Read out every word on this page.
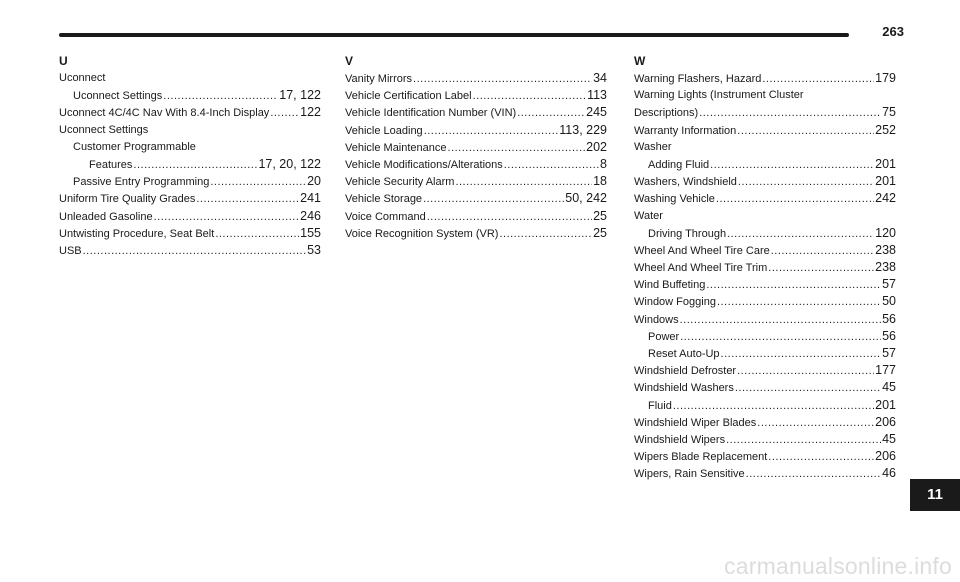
263
U
Uconnect
Uconnect Settings .....	17, 122
Uconnect 4C/4C Nav With 8.4-Inch Display ..... 122
Uconnect Settings
Customer Programmable
Features .....	17, 20, 122
Passive Entry Programming .....	20
Uniform Tire Quality Grades .....	241
Unleaded Gasoline .....	246
Untwisting Procedure, Seat Belt .....	155
USB .....	53
V
Vanity Mirrors .....	34
Vehicle Certification Label .....	113
Vehicle Identification Number (VIN) .....	245
Vehicle Loading .....	113, 229
Vehicle Maintenance .....	202
Vehicle Modifications/Alterations .....	8
Vehicle Security Alarm .....	18
Vehicle Storage .....	50, 242
Voice Command .....	25
Voice Recognition System (VR) .....	25
W
Warning Flashers, Hazard .....	179
Warning Lights (Instrument Cluster
Descriptions) .....	75
Warranty Information .....	252
Washer
Adding Fluid .....	201
Washers, Windshield .....	201
Washing Vehicle .....	242
Water
Driving Through .....	120
Wheel And Wheel Tire Care .....	238
Wheel And Wheel Tire Trim .....	238
Wind Buffeting .....	57
Window Fogging .....	50
Windows .....	56
Power .....	56
Reset Auto-Up .....	57
Windshield Defroster .....	177
Windshield Washers .....	45
Fluid .....	201
Windshield Wiper Blades .....	206
Windshield Wipers .....	45
Wipers Blade Replacement .....	206
Wipers, Rain Sensitive .....	46
11
carmanualsonline.info
